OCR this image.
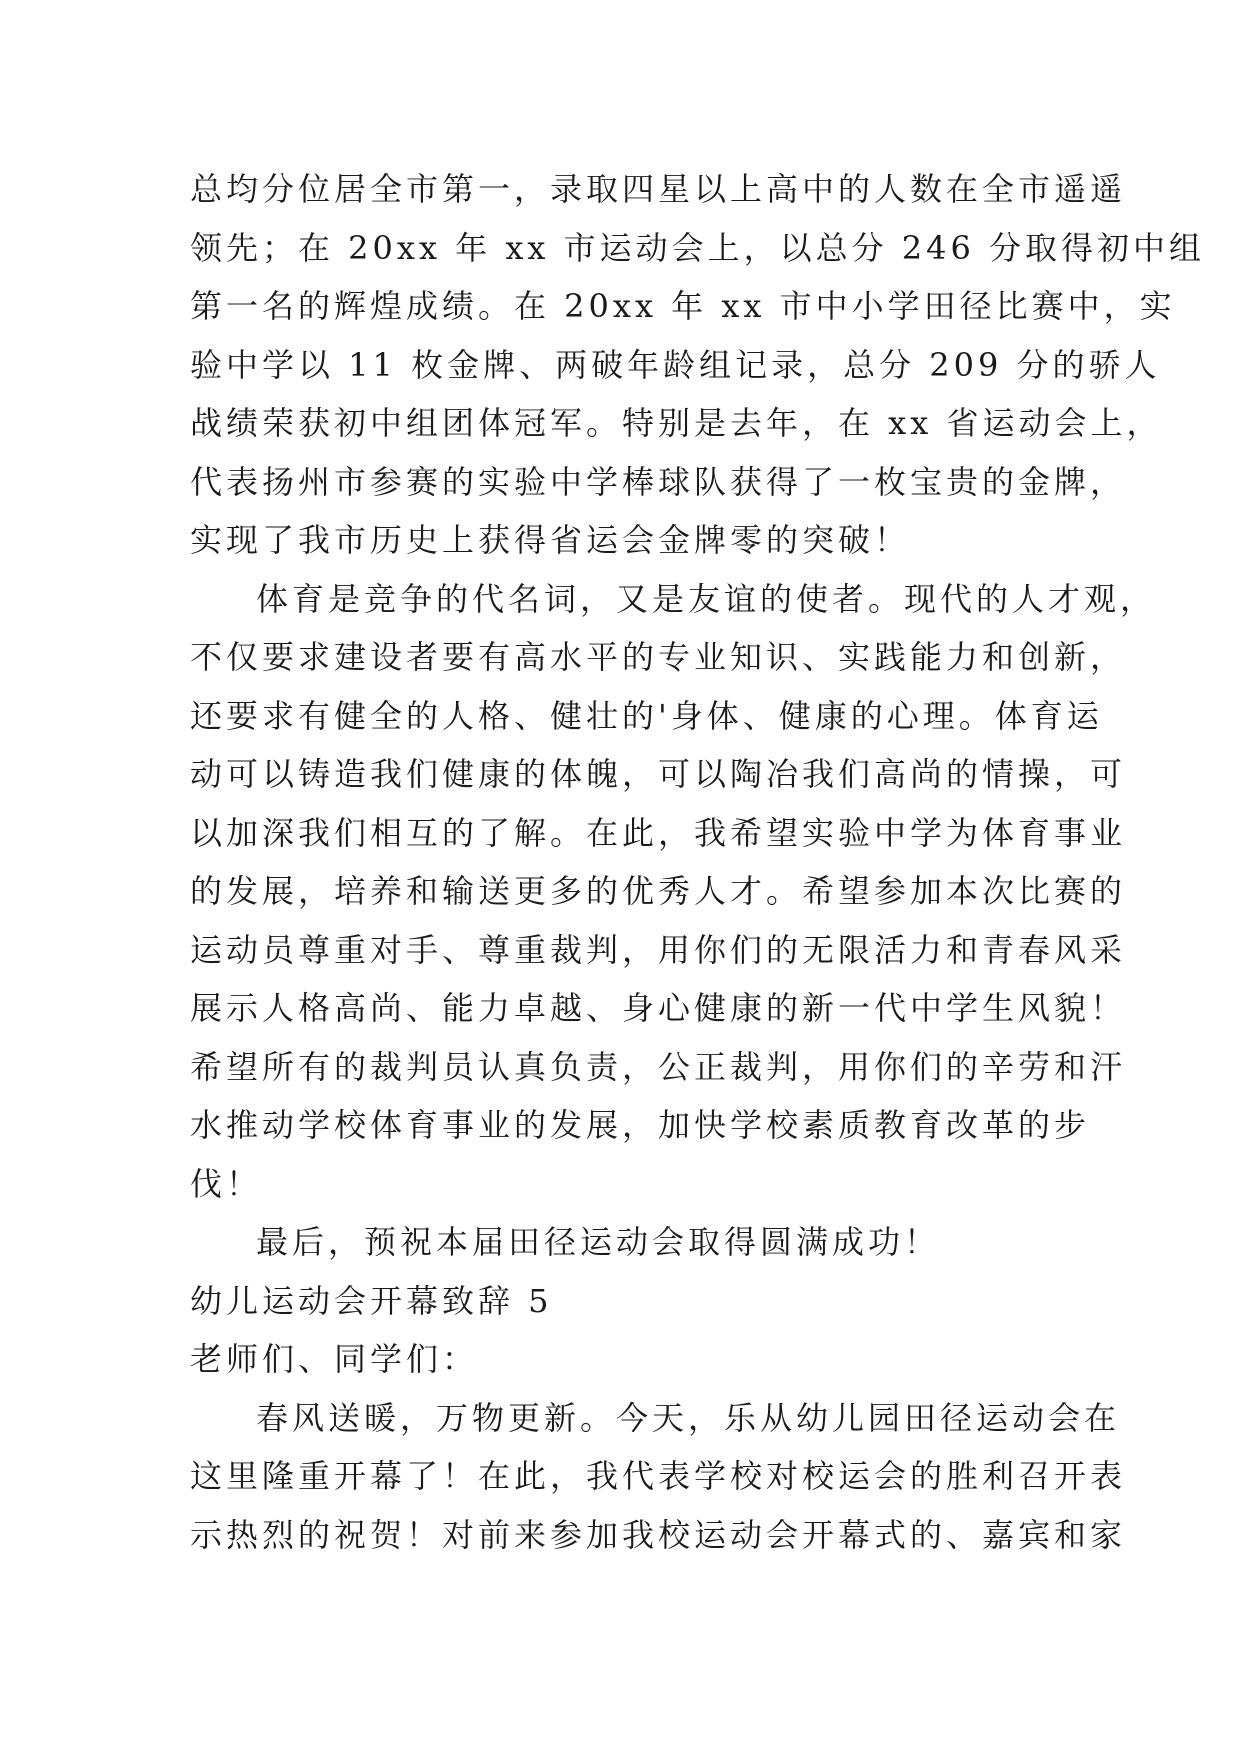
总均分位居全市第一，录取四星以上高中的人数在全市遥遥
领先；在 20xx 年 xx 市运动会上，以总分 246 分取得初中组
第一名的辉煌成绩。在 20xx 年 xx 市中小学田径比赛中，实
验中学以 11 枚金牌、两破年龄组记录，总分 209 分的骄人
战绩荣获初中组团体冠军。特别是去年，在 xx 省运动会上，
代表扬州市参赛的实验中学棒球队获得了一枚宝贵的金牌，
实现了我市历史上获得省运会金牌零的突破！
体育是竞争的代名词，又是友谊的使者。现代的人才观，
不仅要求建设者要有高水平的专业知识、实践能力和创新，
还要求有健全的人格、健壮的'身体、健康的心理。体育运
动可以铸造我们健康的体魄，可以陶冶我们高尚的情操，可
以加深我们相互的了解。在此，我希望实验中学为体育事业
的发展，培养和输送更多的优秀人才。希望参加本次比赛的
运动员尊重对手、尊重裁判，用你们的无限活力和青春风采
展示人格高尚、能力卓越、身心健康的新一代中学生风貌！
希望所有的裁判员认真负责，公正裁判，用你们的辛劳和汗
水推动学校体育事业的发展，加快学校素质教育改革的步
伐！
最后，预祝本届田径运动会取得圆满成功！
幼儿运动会开幕致辞 5
老师们、同学们：
春风送暖，万物更新。今天，乐从幼儿园田径运动会在
这里隆重开幕了！在此，我代表学校对校运会的胜利召开表
示热烈的祝贺！对前来参加我校运动会开幕式的、嘉宾和家
